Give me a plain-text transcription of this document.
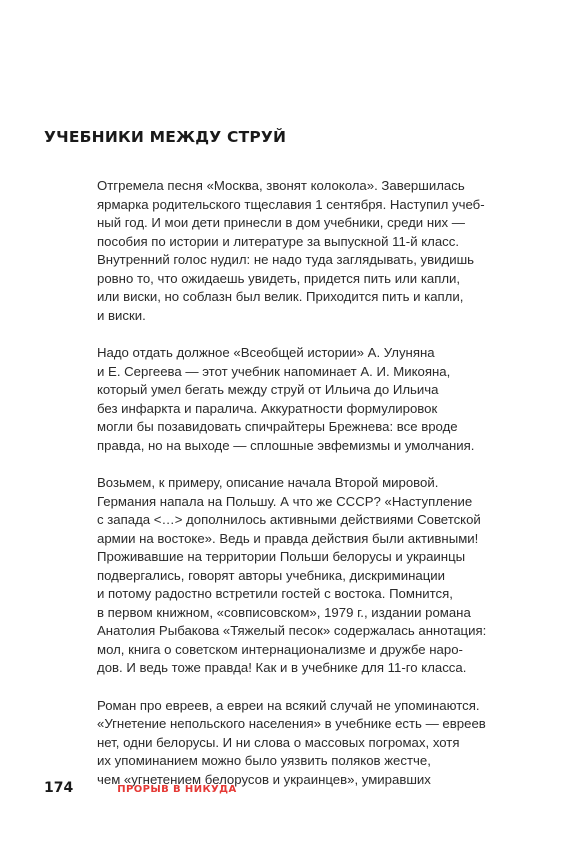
УЧЕБНИКИ МЕЖДУ СТРУЙ

Отгремела песня «Москва, звонят колокола». Завершилась
ярмарка родительского тщеславия 1 сентября. Наступил учеб-
ный год. И мои дети принесли в дом учебники, среди них —
пособия по истории и литературе за выпускной 11-й класс.
Внутренний голос нудил: не надо туда заглядывать, увидишь
ровно то, что ожидаешь увидеть, придется пить или капли,
или виски, но соблазн был велик. Приходится пить и капли,
и виски.

Надо отдать должное «Всеобщей истории» А. Улуняна
и Е. Сергеева — этот учебник напоминает А. И. Микояна,
который умел бегать между струй от Ильича до Ильича
без инфаркта и паралича. Аккуратности формулировок
могли бы позавидовать спичрайтеры Брежнева: все вроде
правда, но на выходе — сплошные эвфемизмы и умолчания.

Возьмем, к примеру, описание начала Второй мировой.
Германия напала на Польшу. А что же СССР? «Наступление
с запада <…> дополнилось активными действиями Советской
армии на востоке». Ведь и правда действия были активными!
Проживавшие на территории Польши белорусы и украинцы
подвергались, говорят авторы учебника, дискриминации
и потому радостно встретили гостей с востока. Помнится,
в первом книжном, «совписовском», 1979 г., издании романа
Анатолия Рыбакова «Тяжелый песок» содержалась аннотация:
мол, книга о советском интернационализме и дружбе наро-
дов. И ведь тоже правда! Как и в учебнике для 11-го класса.

Роман про евреев, а евреи на всякий случай не упоминаются.
«Угнетение непольского населения» в учебнике есть — евреев
нет, одни белорусы. И ни слова о массовых погромах, хотя
их упоминанием можно было уязвить поляков жестче,
чем «угнетением белорусов и украинцев», умиравших

174	ПРОРЫВ В НИКУДА
